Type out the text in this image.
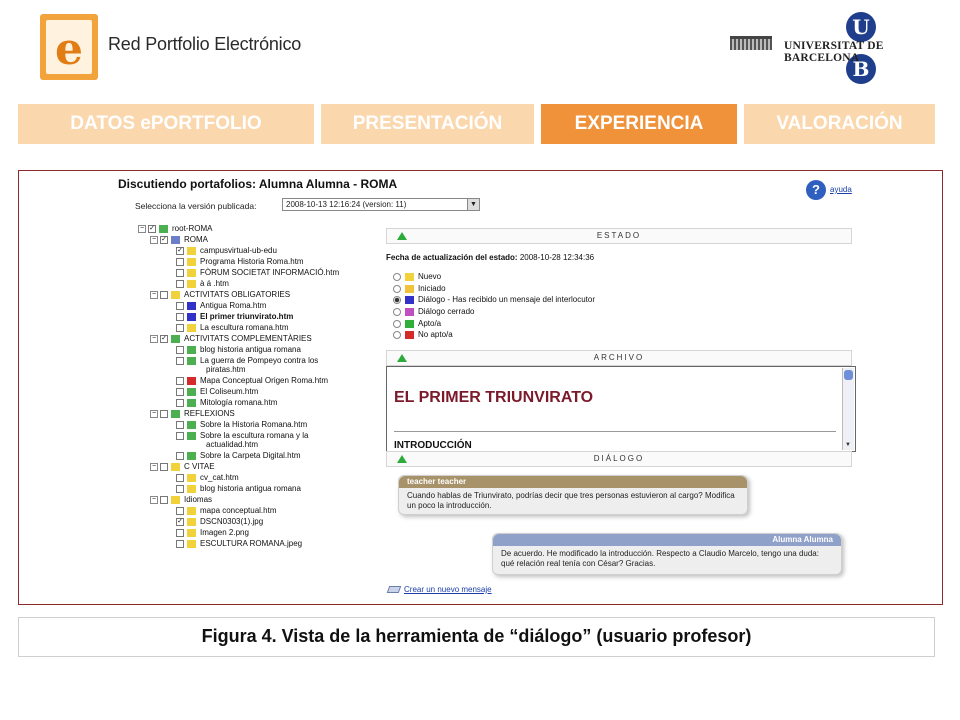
e Red Portfolio Electrónico
U
B
UNIVERSITAT DE BARCELONA
DATOS ePORTFOLIO	PRESENTACIÓN	EXPERIENCIA	VALORACIÓN
Discutiendo portafolios: Alumna Alumna - ROMA	?	ayuda
Selecciona la versión publicada:	2008-10-13 12:16:24 (version: 11)	▼
− ✓ root-ROMA
− ✓ ROMA
✓ campusvirtual-ub-edu
Programa Historia Roma.htm
FÒRUM SOCIETAT INFORMACIÓ.htm
à á .htm
−	ACTIVITATS OBLIGATORIES
Antigua Roma.htm
El primer triunvirato.htm
La escultura romana.htm
− ✓ ACTIVITATS COMPLEMENTÀRIES
blog historia antigua romana
La guerra de Pompeyo contra los
piratas.htm
Mapa Conceptual Origen Roma.htm
El Coliseum.htm
Mitología romana.htm
−	REFLEXIONS
Sobre la Historia Romana.htm
Sobre la escultura romana y la
actualidad.htm
Sobre la Carpeta Digital.htm
−	C VITAE
cv_cat.htm
blog historia antigua romana
−	Idiomas
mapa conceptual.htm
✓ DSCN0303(1).jpg
Imagen 2.png
ESCULTURA ROMANA.jpeg
ESTADO
Fecha de actualización del estado: 2008-10-28 12:34:36
Nuevo
Iniciado
Diálogo - Has recibido un mensaje del interlocutor
Diálogo cerrado
Apto/a
No apto/a
ARCHIVO
EL PRIMER TRIUNVIRATO
INTRODUCCIÓN	▼
DIÁLOGO
teacher teacher
Cuando hablas de Triunvirato, podrías decir que tres personas estuvieron al cargo? Modifica un poco la introducción.
Alumna Alumna
De acuerdo. He modificado la introducción. Respecto a Claudio Marcelo, tengo una duda: qué relación real tenía con César? Gracias.
Crear un nuevo mensaje
Figura 4. Vista de la herramienta de “diálogo” (usuario profesor)
